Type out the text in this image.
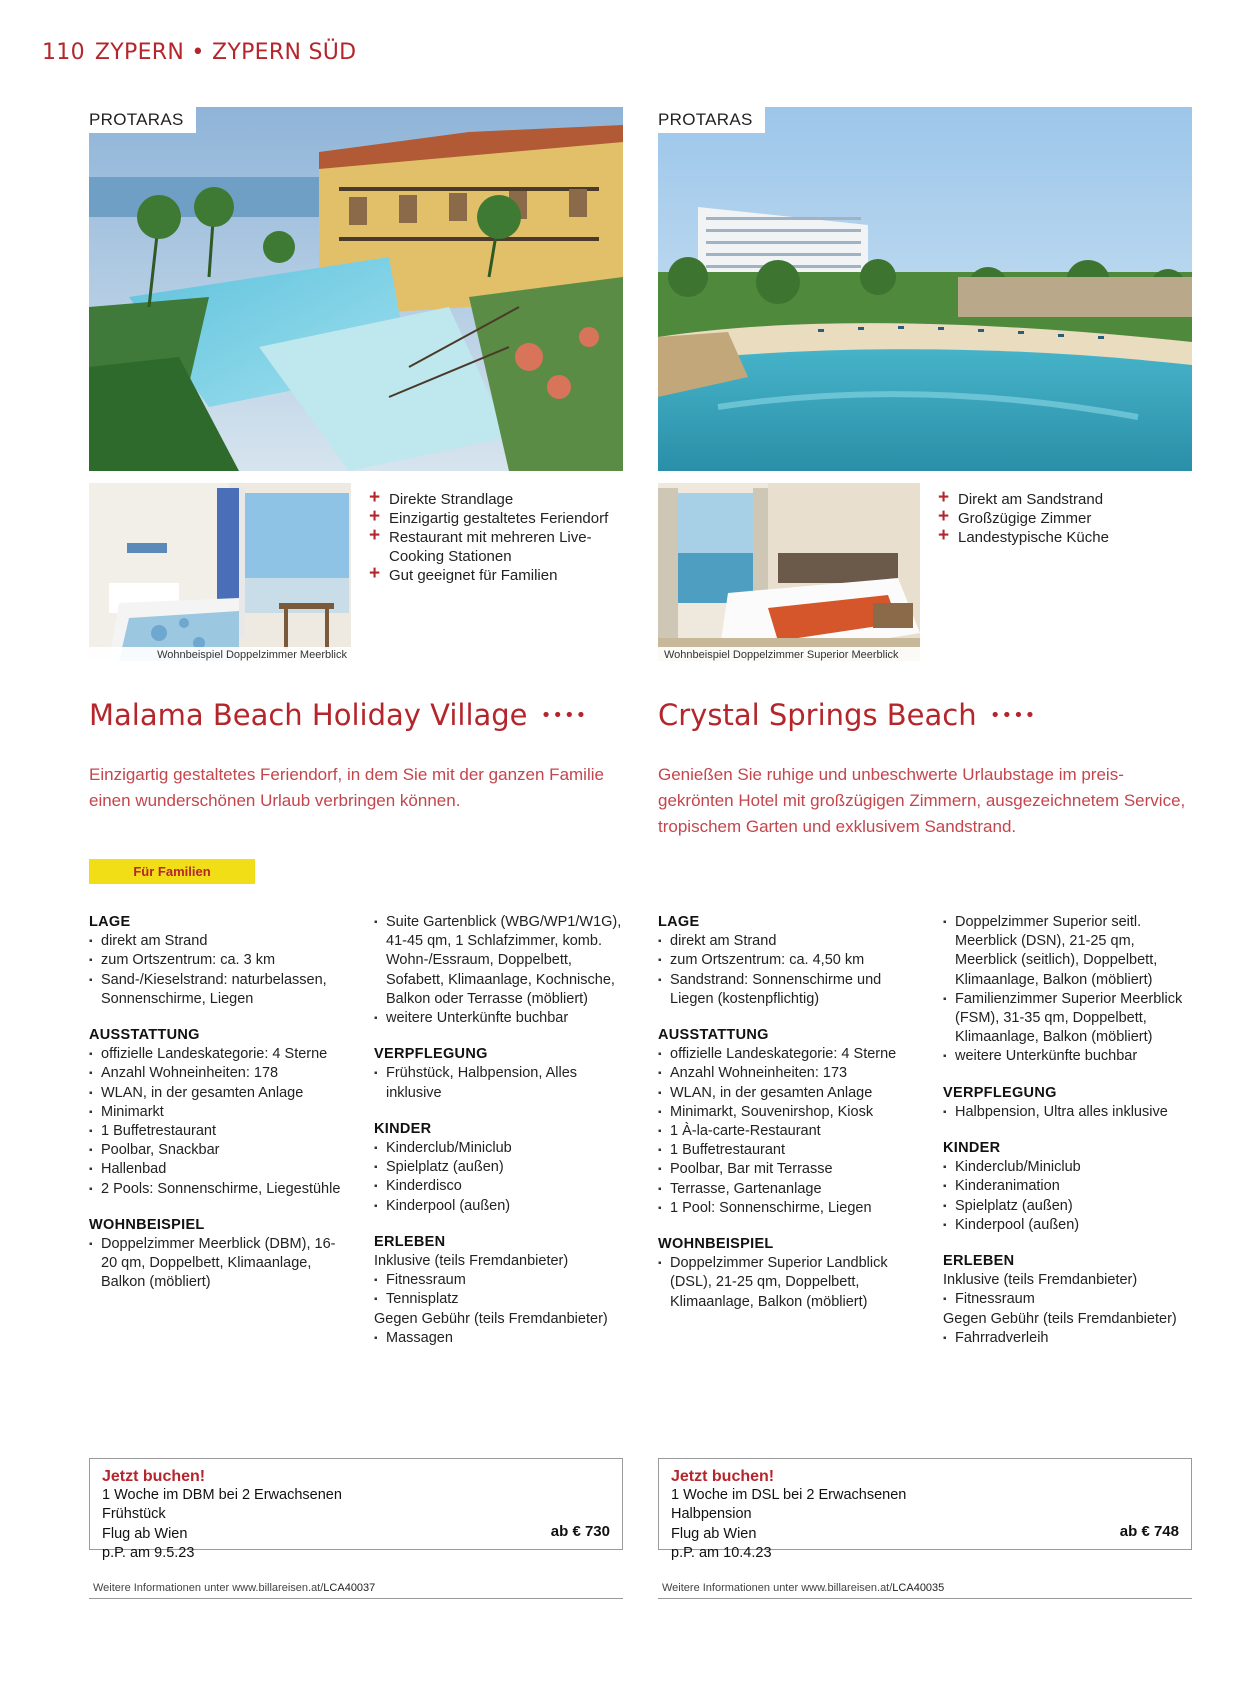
110 ZYPERN • ZYPERN SÜD
PROTARAS
Wohnbeispiel Doppelzimmer Meerblick
+ Direkte Strandlage
+ Einzigartig gestaltetes Feriendorf
+ Restaurant mit mehreren Live-Cooking Stationen
+ Gut geeignet für Familien
Malama Beach Holiday Village ••••

Einzigartig gestaltetes Feriendorf, in dem Sie mit der ganzen Familie einen wunderschönen Urlaub verbringen können.

Für Familien
LAGE
▪ direkt am Strand
▪ zum Ortszentrum: ca. 3 km
▪ Sand-/Kieselstrand: naturbelassen, Sonnenschirme, Liegen
AUSSTATTUNG
▪ offizielle Landeskategorie: 4 Sterne
▪ Anzahl Wohneinheiten: 178
▪ WLAN, in der gesamten Anlage
▪ Minimarkt
▪ 1 Buffetrestaurant
▪ Poolbar, Snackbar
▪ Hallenbad
▪ 2 Pools: Sonnenschirme, Liegestühle
WOHNBEISPIEL
▪ Doppelzimmer Meerblick (DBM), 16-20 qm, Doppelbett, Klimaanlage, Balkon (möbliert)
▪ Suite Gartenblick (WBG/WP1/W1G), 41-45 qm, 1 Schlafzimmer, komb. Wohn-/Essraum, Doppelbett, Sofabett, Klimaanlage, Kochnische, Balkon oder Terrasse (möbliert)
▪ weitere Unterkünfte buchbar
VERPFLEGUNG
▪ Frühstück, Halbpension, Alles inklusive
KINDER
▪ Kinderclub/Miniclub
▪ Spielplatz (außen)
▪ Kinderdisco
▪ Kinderpool (außen)
ERLEBEN

Inklusive (teils Fremdanbieter)

▪ Fitnessraum
▪ Tennisplatz

Gegen Gebühr (teils Fremdanbieter)

▪ Massagen
Jetzt buchen!
1 Woche im DBM bei 2 Erwachsenen
Frühstück
Flug ab Wien
p.P. am 9.5.23
ab € 730
Weitere Informationen unter www.billareisen.at/LCA40037
PROTARAS
Wohnbeispiel Doppelzimmer Superior Meerblick
+ Direkt am Sandstrand
+ Großzügige Zimmer
+ Landestypische Küche
Crystal Springs Beach ••••

Genießen Sie ruhige und unbeschwerte Urlaubstage im preis-gekrönten Hotel mit großzügigen Zimmern, ausgezeichnetem Service, tropischem Garten und exklusivem Sandstrand.

LAGE
▪ direkt am Strand
▪ zum Ortszentrum: ca. 4,50 km
▪ Sandstrand: Sonnenschirme und Liegen (kostenpflichtig)
AUSSTATTUNG
▪ offizielle Landeskategorie: 4 Sterne
▪ Anzahl Wohneinheiten: 173
▪ WLAN, in der gesamten Anlage
▪ Minimarkt, Souvenirshop, Kiosk
▪ 1 À-la-carte-Restaurant
▪ 1 Buffetrestaurant
▪ Poolbar, Bar mit Terrasse
▪ Terrasse, Gartenanlage
▪ 1 Pool: Sonnenschirme, Liegen
WOHNBEISPIEL
▪ Doppelzimmer Superior Landblick (DSL), 21-25 qm, Doppelbett, Klimaanlage, Balkon (möbliert)
▪ Doppelzimmer Superior seitl. Meerblick (DSN), 21-25 qm, Meerblick (seitlich), Doppelbett, Klimaanlage, Balkon (möbliert)
▪ Familienzimmer Superior Meerblick (FSM), 31-35 qm, Doppelbett, Klimaanlage, Balkon (möbliert)
▪ weitere Unterkünfte buchbar
VERPFLEGUNG
▪ Halbpension, Ultra alles inklusive
KINDER
▪ Kinderclub/Miniclub
▪ Kinderanimation
▪ Spielplatz (außen)
▪ Kinderpool (außen)
ERLEBEN

Inklusive (teils Fremdanbieter)

▪ Fitnessraum

Gegen Gebühr (teils Fremdanbieter)

▪ Fahrradverleih
Jetzt buchen!
1 Woche im DSL bei 2 Erwachsenen
Halbpension
Flug ab Wien
p.P. am 10.4.23
ab € 748
Weitere Informationen unter www.billareisen.at/LCA40035
